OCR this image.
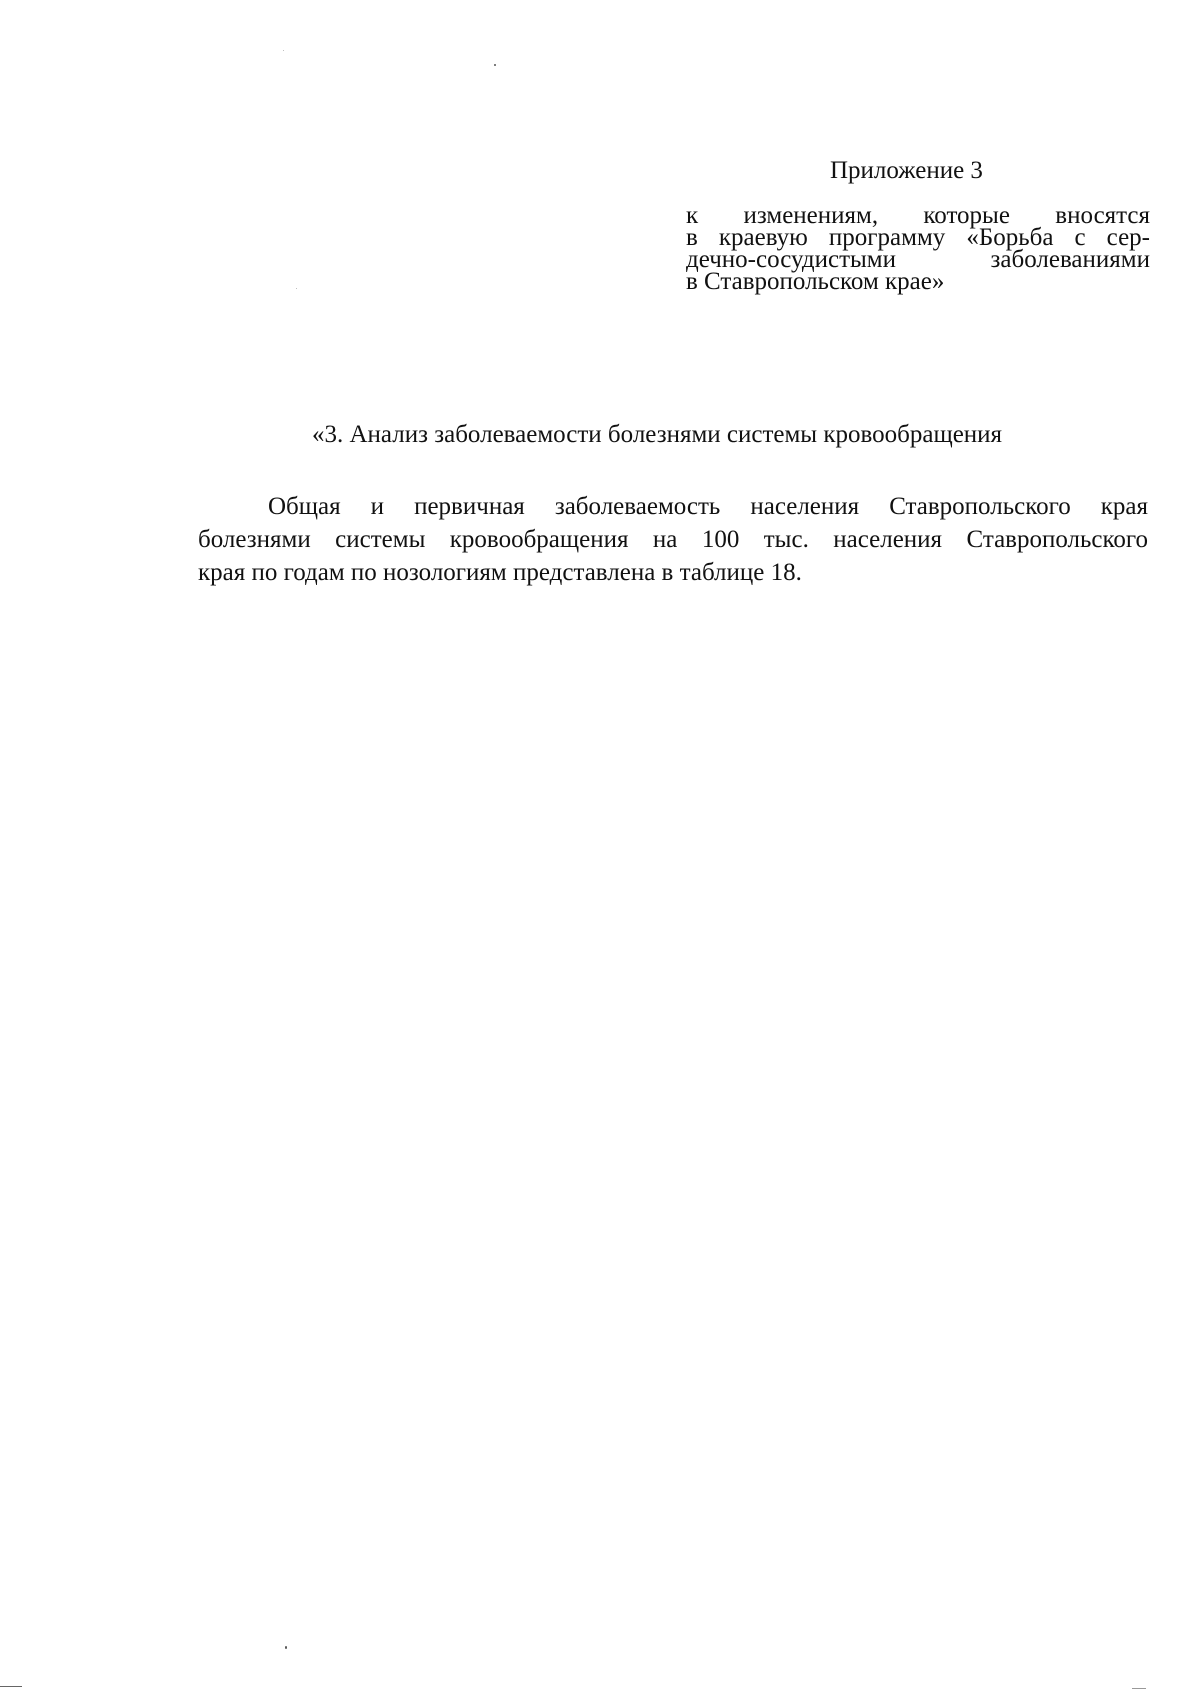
Приложение 3

к изменениям, которые вносятся
в краевую программу «Борьба с сер-
дечно-сосудистыми заболеваниями
в Ставропольском крае»
«3. Анализ заболеваемости болезнями системы кровообращения
Общая и первичная заболеваемость населения Ставропольского края
болезнями системы кровообращения на 100 тыс. населения Ставропольского
края по годам по нозологиям представлена в таблице 18.
